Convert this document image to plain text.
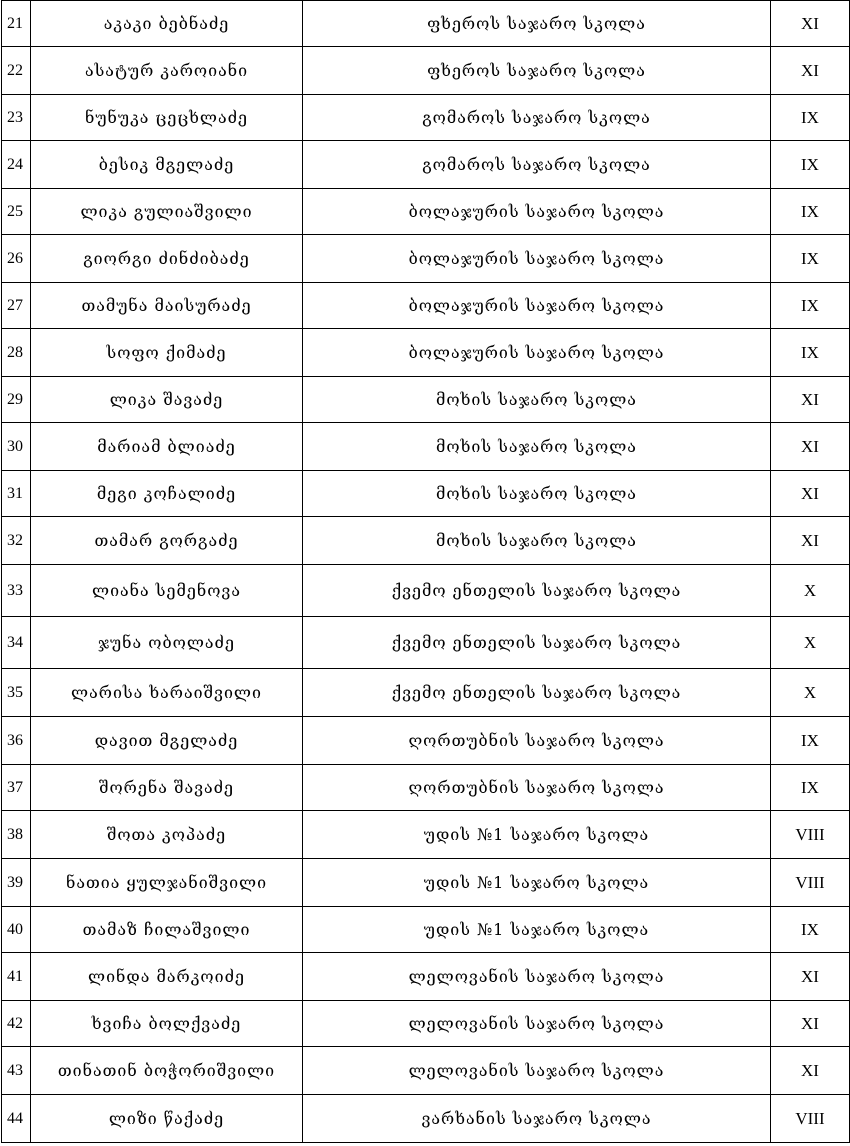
21	აკაკი ბებნაძე	ფხეროს საჯარო სკოლა	XI
22	ასატურ კაროიანი	ფხეროს საჯარო სკოლა	XI
23	ნუნუკა ცეცხლაძე	გომაროს საჯარო სკოლა	IX
24	ბესიკ მგელაძე	გომაროს საჯარო სკოლა	IX
25	ლიკა გულიაშვილი	ბოლაჯურის საჯარო სკოლა	IX
26	გიორგი ძინძიბაძე	ბოლაჯურის საჯარო სკოლა	IX
27	თამუნა მაისურაძე	ბოლაჯურის საჯარო სკოლა	IX
28	სოფო ქიმაძე	ბოლაჯურის საჯარო სკოლა	IX
29	ლიკა შავაძე	მოხის საჯარო სკოლა	XI
30	მარიამ ბლიაძე	მოხის საჯარო სკოლა	XI
31	მეგი კოჩალიძე	მოხის საჯარო სკოლა	XI
32	თამარ გორგაძე	მოხის საჯარო სკოლა	XI
33	ლიანა სემენოვა	ქვემო ენთელის საჯარო სკოლა	X
34	ჯუნა ობოლაძე	ქვემო ენთელის საჯარო სკოლა	X
35	ლარისა ხარაიშვილი	ქვემო ენთელის საჯარო სკოლა	X
36	დავით მგელაძე	ღორთუბნის საჯარო სკოლა	IX
37	შორენა შავაძე	ღორთუბნის საჯარო სკოლა	IX
38	შოთა კოპაძე	უდის №1 საჯარო სკოლა	VIII
39	ნათია ყულჯანიშვილი	უდის №1 საჯარო სკოლა	VIII
40	თამაზ ჩილაშვილი	უდის №1 საჯარო სკოლა	IX
41	ლინდა მარკოიძე	ლელოვანის საჯარო სკოლა	XI
42	ხვიჩა ბოლქვაძე	ლელოვანის საჯარო სკოლა	XI
43	თინათინ ბოჭორიშვილი	ლელოვანის საჯარო სკოლა	XI
44	ლიზი წაქაძე	ვარხანის საჯარო სკოლა	VIII
